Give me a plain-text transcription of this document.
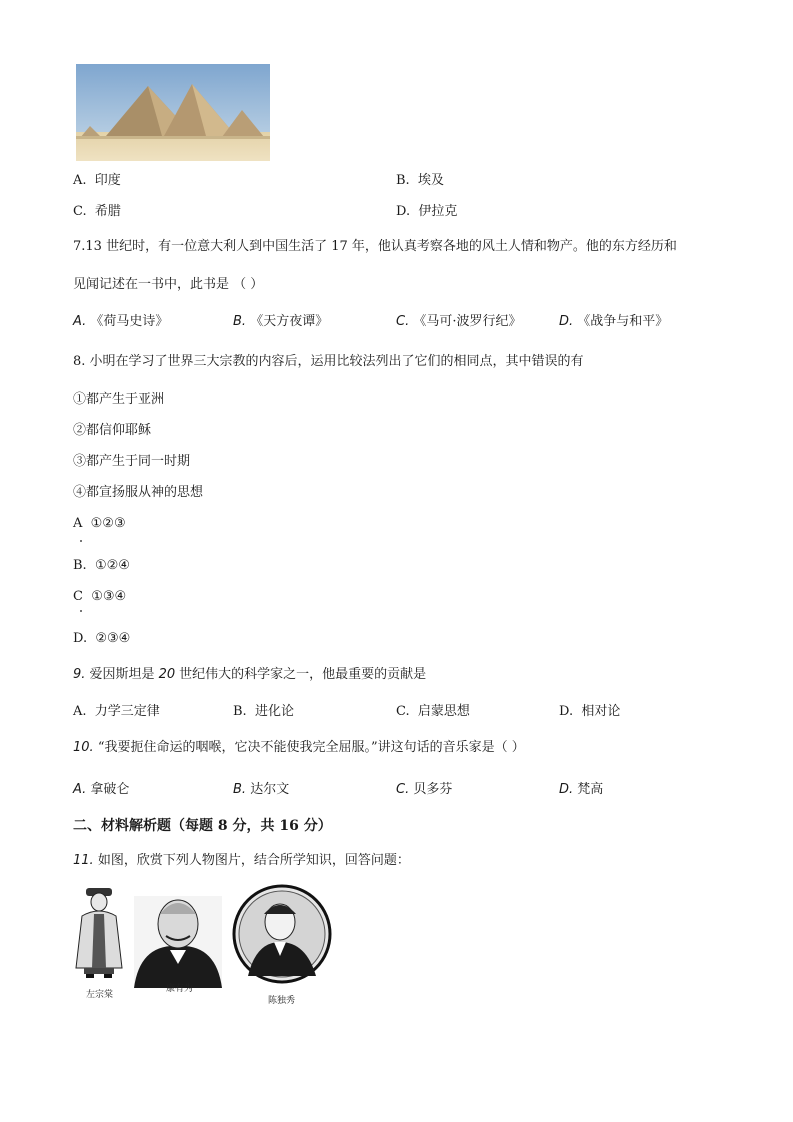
A. 印度	B. 埃及
C. 希腊	D. 伊拉克
7.13 世纪时，有一位意大利人到中国生活了 17 年，他认真考察各地的风土人情和物产。他的东方经历和
见闻记述在一书中，此书是 （ ）
A. 《荷马史诗》	B. 《天方夜谭》	C. 《马可·波罗行纪》	D. 《战争与和平》
8. 小明在学习了世界三大宗教的内容后，运用比较法列出了它们的相同点，其中错误的有
①都产生于亚洲
②都信仰耶稣
③都产生于同一时期
④都宣扬服从神的思想
A ①②③
B. ①②④
C ①③④
D. ②③④
9. 爱因斯坦是 20 世纪伟大的科学家之一，他最重要的贡献是
A. 力学三定律	B. 进化论	C. 启蒙思想	D. 相对论
10. “我要扼住命运的咽喉，它决不能使我完全屈服。”讲这句话的音乐家是（ ）
A. 拿破仑	B. 达尔文	C. 贝多芬	D. 梵高
二、材料解析题（每题 8 分，共 16 分）
11. 如图，欣赏下列人物图片，结合所学知识，回答问题：
左宗棠
康有为
陈独秀
